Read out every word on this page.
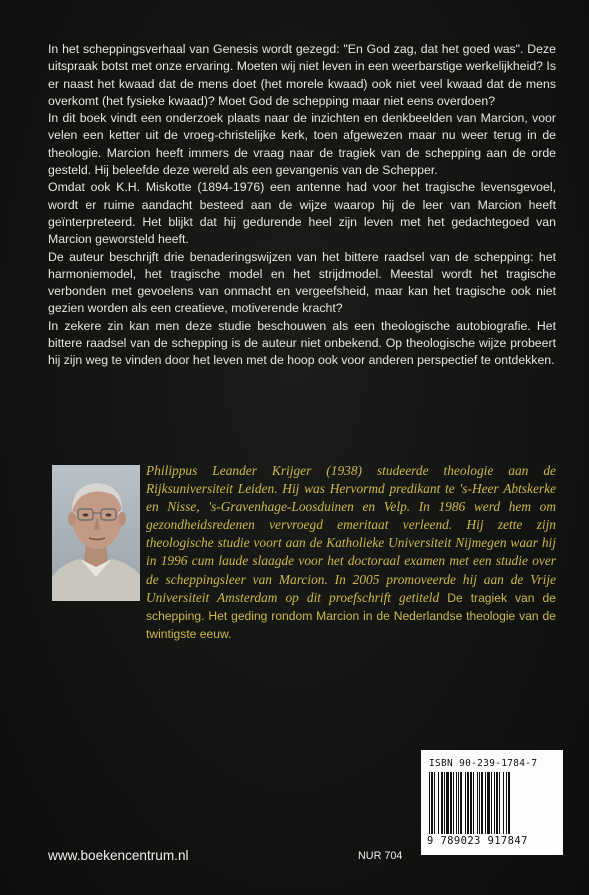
In het scheppingsverhaal van Genesis wordt gezegd: "En God zag, dat het goed was". Deze uitspraak botst met onze ervaring. Moeten wij niet leven in een weerbarstige werkelijkheid? Is er naast het kwaad dat de mens doet (het morele kwaad) ook niet veel kwaad dat de mens overkomt (het fysieke kwaad)? Moet God de schepping maar niet eens overdoen?

In dit boek vindt een onderzoek plaats naar de inzichten en denkbeelden van Marcion, voor velen een ketter uit de vroeg-christelijke kerk, toen afgewezen maar nu weer terug in de theologie. Marcion heeft immers de vraag naar de tragiek van de schepping aan de orde gesteld. Hij beleefde deze wereld als een gevangenis van de Schepper.

Omdat ook K.H. Miskotte (1894-1976) een antenne had voor het tragische levensgevoel, wordt er ruime aandacht besteed aan de wijze waarop hij de leer van Marcion heeft geïnterpreteerd. Het blijkt dat hij gedurende heel zijn leven met het gedachtegoed van Marcion geworsteld heeft.

De auteur beschrijft drie benaderingswijzen van het bittere raadsel van de schepping: het harmoniemodel, het tragische model en het strijdmodel. Meestal wordt het tragische verbonden met gevoelens van onmacht en vergeefsheid, maar kan het tragische ook niet gezien worden als een creatieve, motiverende kracht?

In zekere zin kan men deze studie beschouwen als een theologische autobiografie. Het bittere raadsel van de schepping is de auteur niet onbekend. Op theologische wijze probeert hij zijn weg te vinden door het leven met de hoop ook voor anderen perspectief te ontdekken.

Philippus Leander Krijger (1938) studeerde theologie aan de Rijksuniversiteit Leiden. Hij was Hervormd predikant te 's-Heer Abtskerke en Nisse, 's-Gravenhage-Loosduinen en Velp. In 1986 werd hem om gezondheidsredenen vervroegd emeritaat verleend. Hij zette zijn theologische studie voort aan de Katholieke Universiteit Nijmegen waar hij in 1996 cum laude slaagde voor het doctoraal examen met een studie over de scheppingsleer van Marcion. In 2005 promoveerde hij aan de Vrije Universiteit Amsterdam op dit proefschrift getiteld De tragiek van de schepping. Het geding rondom Marcion in de Nederlandse theologie van de twintigste eeuw.

ISBN 90-239-1784-7
9 789023 917847
www.boekencentrum.nl	NUR 704
